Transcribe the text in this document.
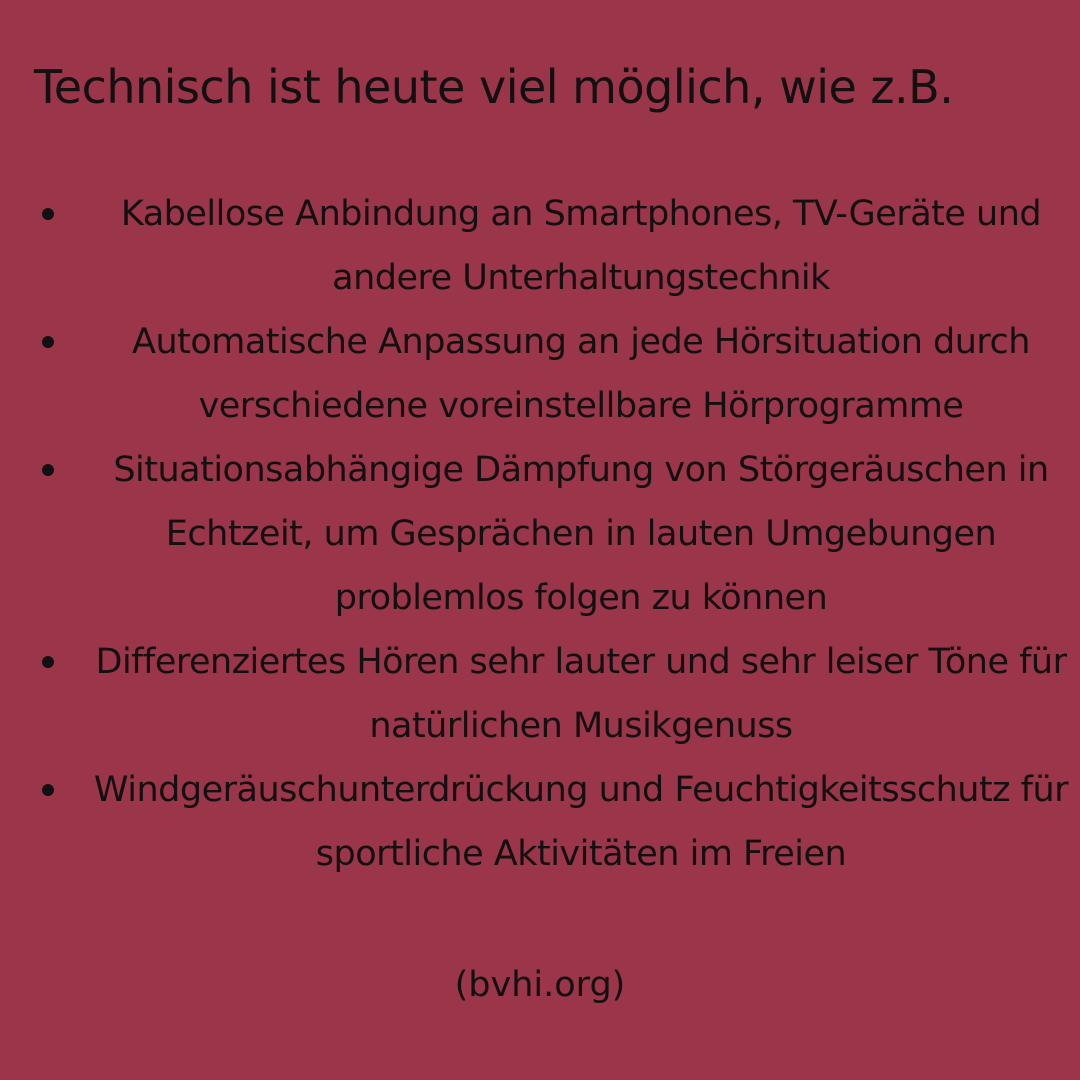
Technisch ist heute viel möglich, wie z.B.
Kabellose Anbindung an Smartphones, TV-Geräte und andere Unterhaltungstechnik
Automatische Anpassung an jede Hörsituation durch verschiedene voreinstellbare Hörprogramme
Situationsabhängige Dämpfung von Störgeräuschen in Echtzeit, um Gesprächen in lauten Umgebungen problemlos folgen zu können
Differenziertes Hören sehr lauter und sehr leiser Töne für natürlichen Musikgenuss
Windgeräuschunterdrückung und Feuchtigkeitsschutz für sportliche Aktivitäten im Freien
(bvhi.org)
